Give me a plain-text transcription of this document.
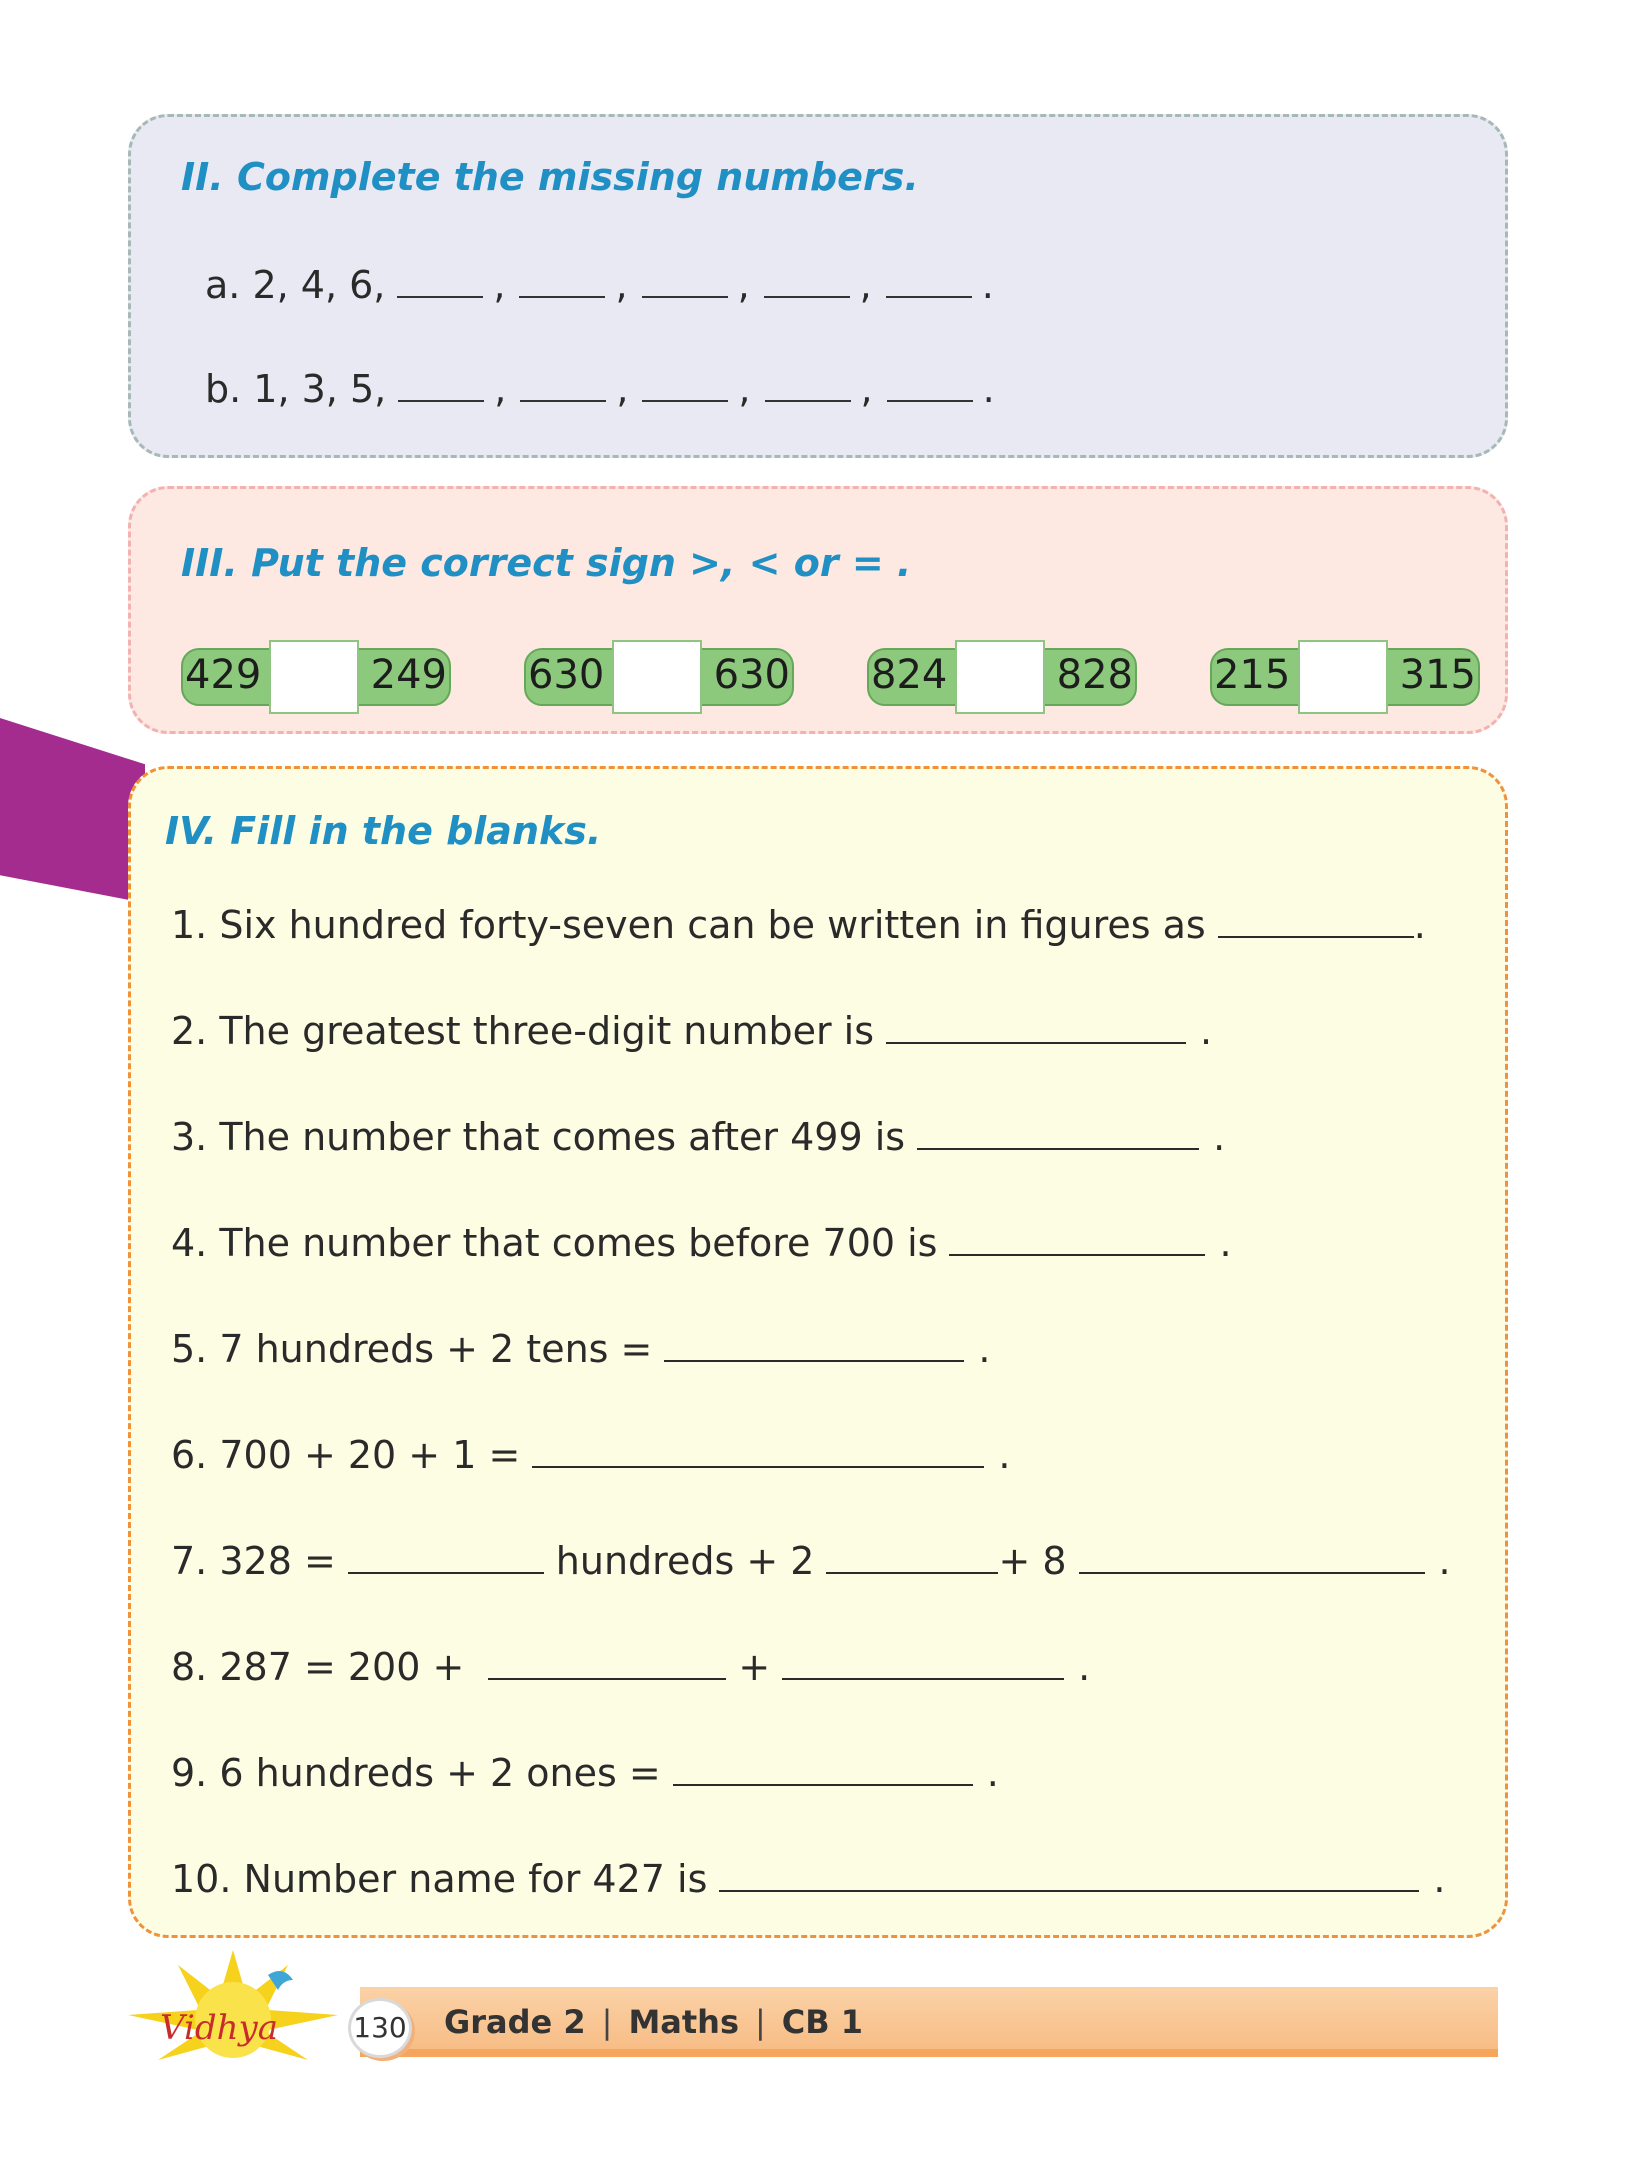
II. Complete the missing numbers.
a. 2, 4, 6,	,	,	,	,	.
b. 1, 3, 5,	,	,	,	,	.
III. Put the correct sign >, < or = .
429	249 630	630 824	828 215	315
IV. Fill in the blanks.
1. Six hundred forty-seven can be written in figures as	.
2. The greatest three-digit number is	.
3. The number that comes after 499 is	.
4. The number that comes before 700 is	.
5. 7 hundreds + 2 tens =	.
6. 700 + 20 + 1 =	.
7. 328 =	hundreds + 2	+ 8	.
8. 287 = 200 +	+	.
9. 6 hundreds + 2 ones =	.
10. Number name for 427 is	.
Vidhya	130 Grade 2 | Maths | CB 1
